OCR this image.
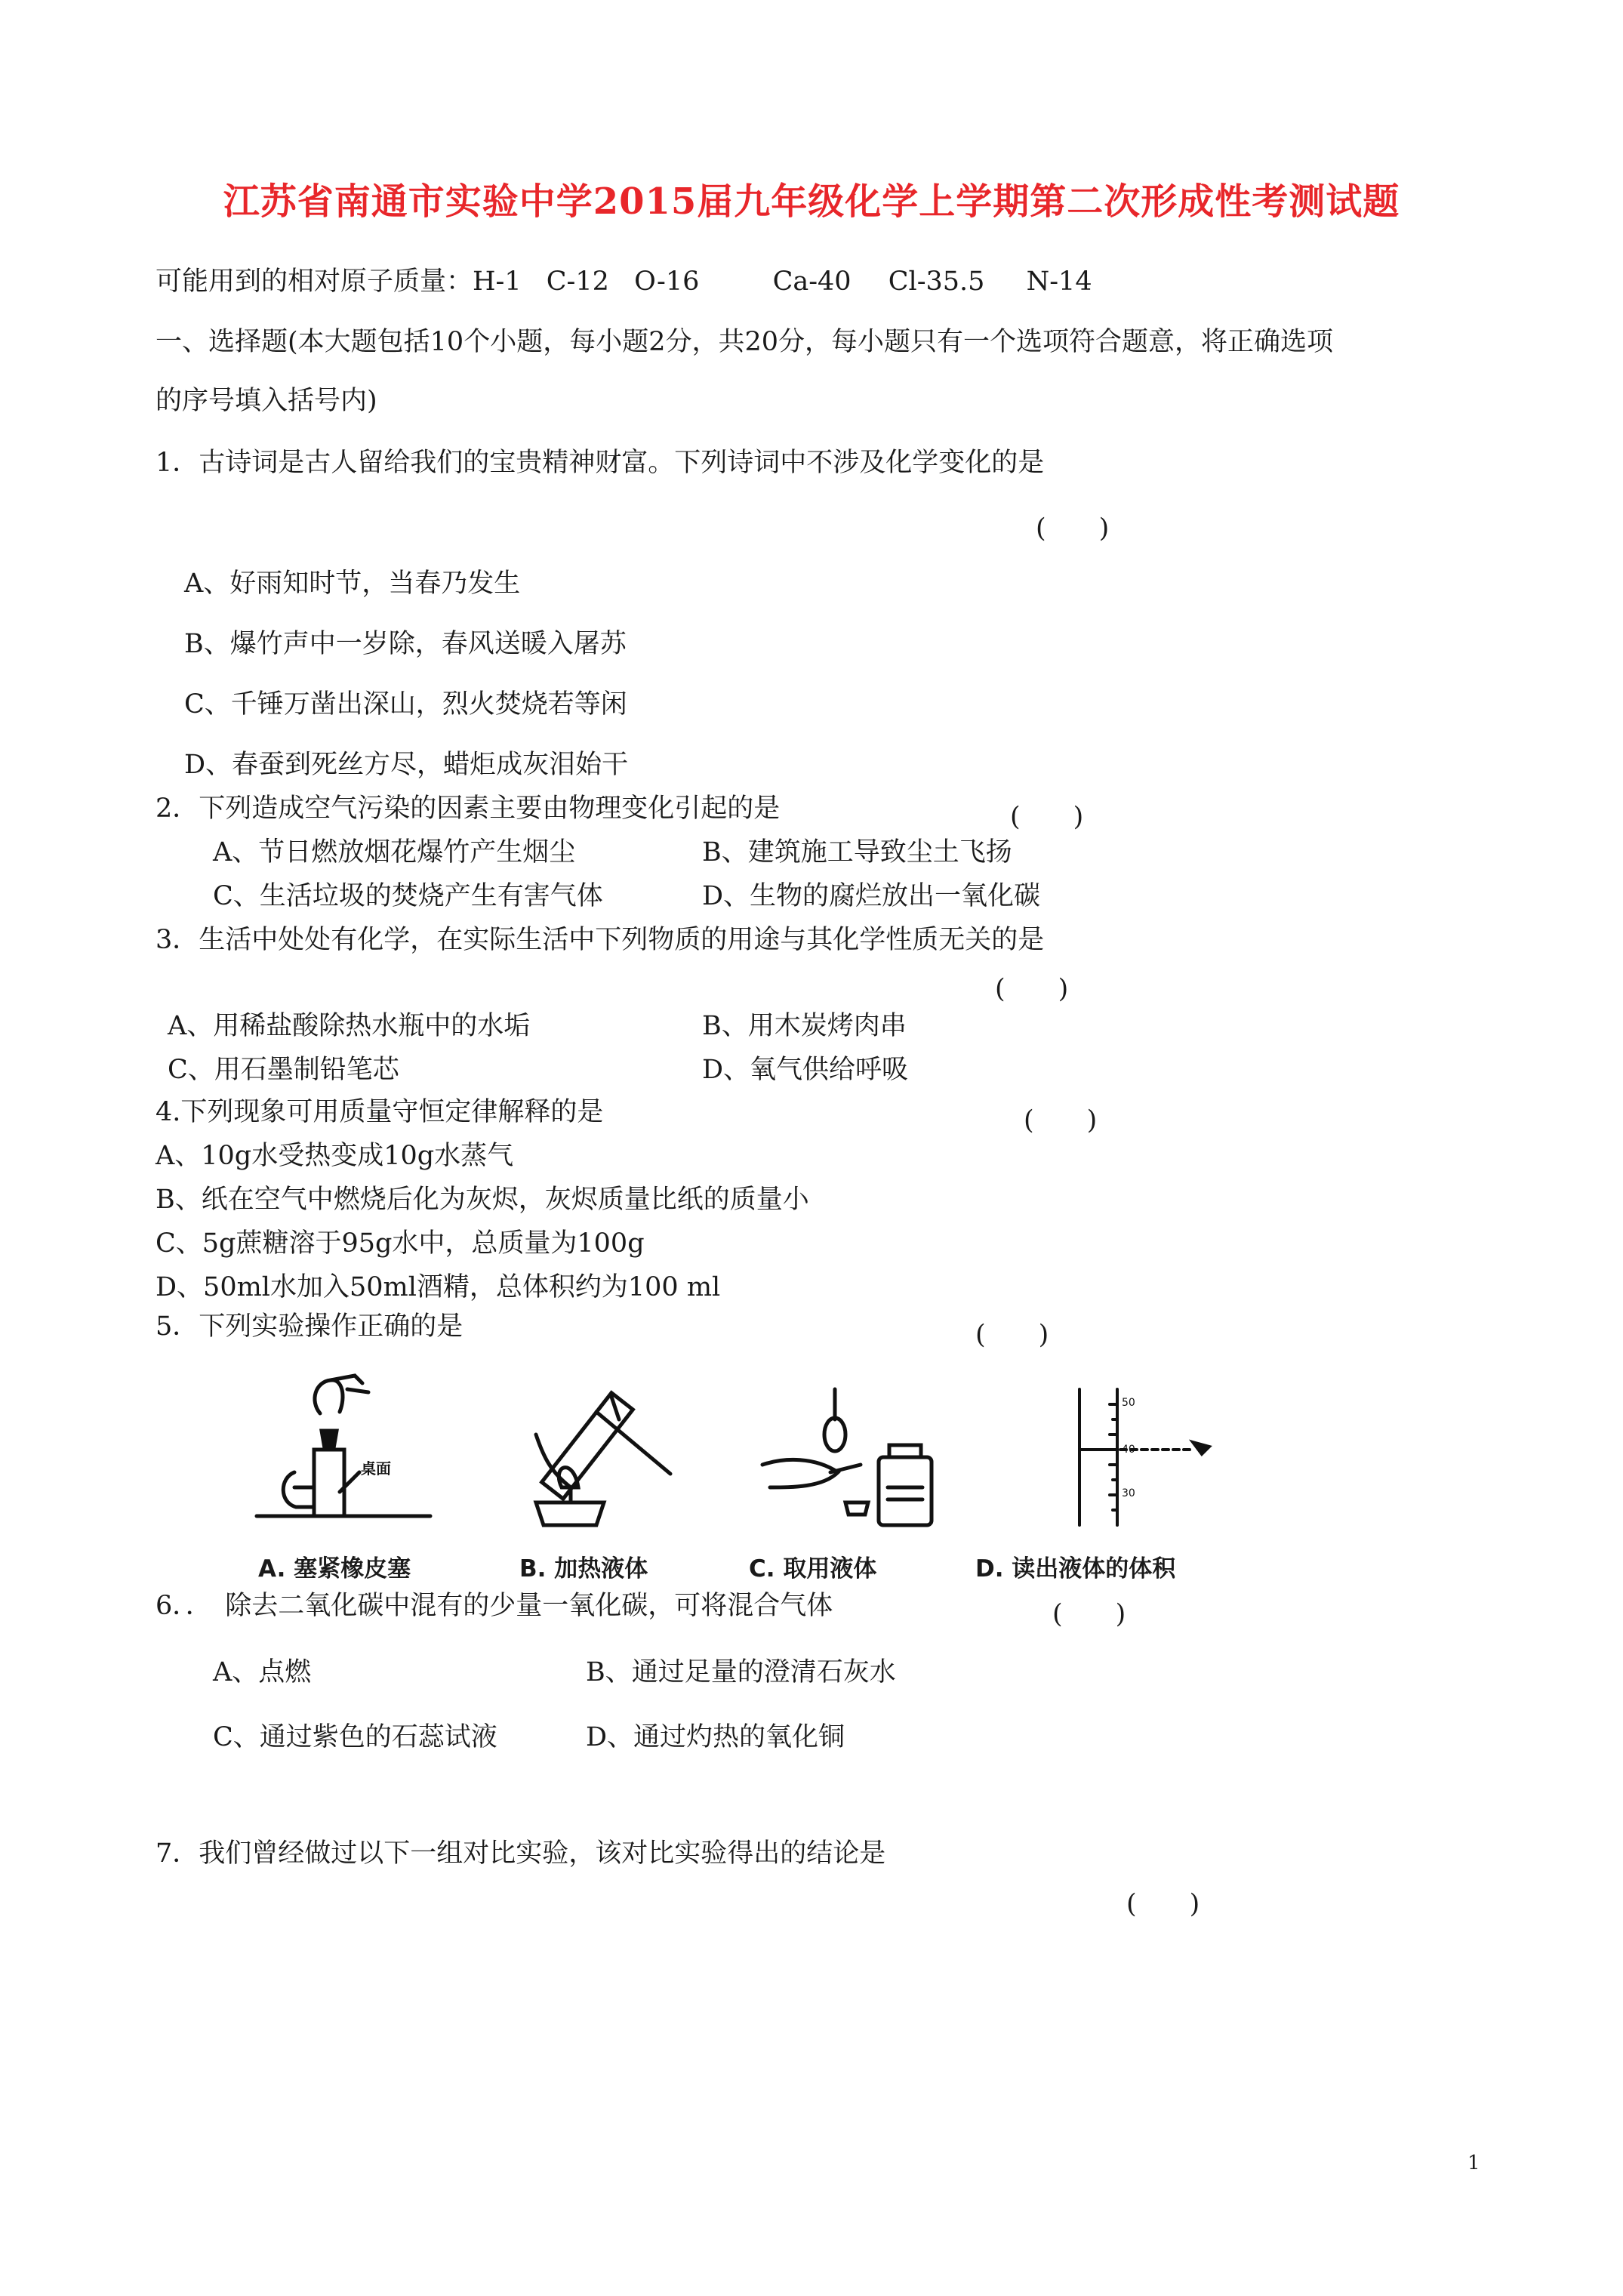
江苏省南通市实验中学2015届九年级化学上学期第二次形成性考测试题
可能用到的相对原子质量：H-1 C-12 O-16	Ca-40 Cl-35.5 N-14
一、选择题(本大题包括10个小题，每小题2分，共20分，每小题只有一个选项符合题意，将正确选项
的序号填入括号内)
1．古诗词是古人留给我们的宝贵精神财富。下列诗词中不涉及化学变化的是
(　　)
A、好雨知时节，当春乃发生
B、爆竹声中一岁除，春风送暖入屠苏
C、千锤万凿出深山，烈火焚烧若等闲
D、春蚕到死丝方尽，蜡炬成灰泪始干
2．下列造成空气污染的因素主要由物理变化引起的是	(　　)
A、节日燃放烟花爆竹产生烟尘	B、建筑施工导致尘土飞扬
C、生活垃圾的焚烧产生有害气体	D、生物的腐烂放出一氧化碳
3．生活中处处有化学，在实际生活中下列物质的用途与其化学性质无关的是
(　　)
A、用稀盐酸除热水瓶中的水垢	B、用木炭烤肉串
C、用石墨制铅笔芯	D、氧气供给呼吸
4.下列现象可用质量守恒定律解释的是	(　　)
A、10g水受热变成10g水蒸气
B、纸在空气中燃烧后化为灰烬，灰烬质量比纸的质量小
C、5g蔗糖溶于95g水中，总质量为100g
D、50ml水加入50ml酒精，总体积约为100 ml
5．下列实验操作正确的是	(　　)
桌面
50
40
30
A. 塞紧橡皮塞	B. 加热液体	C. 取用液体	D. 读出液体的体积
6．．　除去二氧化碳中混有的少量一氧化碳，可将混合气体	(　　)
A、点燃	B、通过足量的澄清石灰水
C、通过紫色的石蕊试液	D、通过灼热的氧化铜
7．我们曾经做过以下一组对比实验，该对比实验得出的结论是
(　　)
1
